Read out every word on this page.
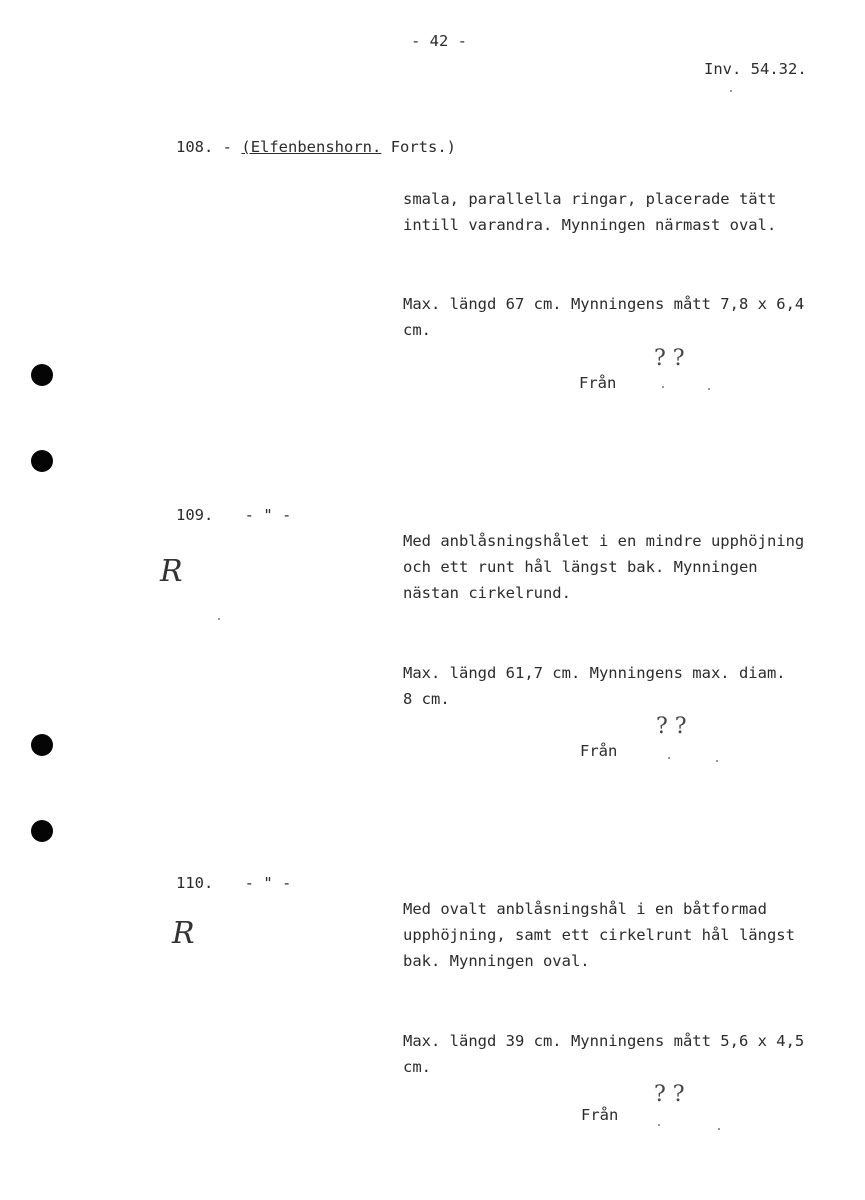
- 42 -
Inv. 54.32.
108. - (Elfenbenshorn. Forts.)
smala, parallella ringar, placerade tätt
intill varandra. Mynningen närmast oval.
Max. längd 67 cm. Mynningens mått 7,8 x 6,4
cm.
Från
? ?
109. - " -
R
Med anblåsningshålet i en mindre upphöjning
och ett runt hål längst bak. Mynningen
nästan cirkelrund.
Max. längd 61,7 cm. Mynningens max. diam.
8 cm.
Från
? ?
110. - " -
R
Med ovalt anblåsningshål i en båtformad
upphöjning, samt ett cirkelrunt hål längst
bak. Mynningen oval.
Max. längd 39 cm. Mynningens mått 5,6 x 4,5
cm.
Från
? ?
